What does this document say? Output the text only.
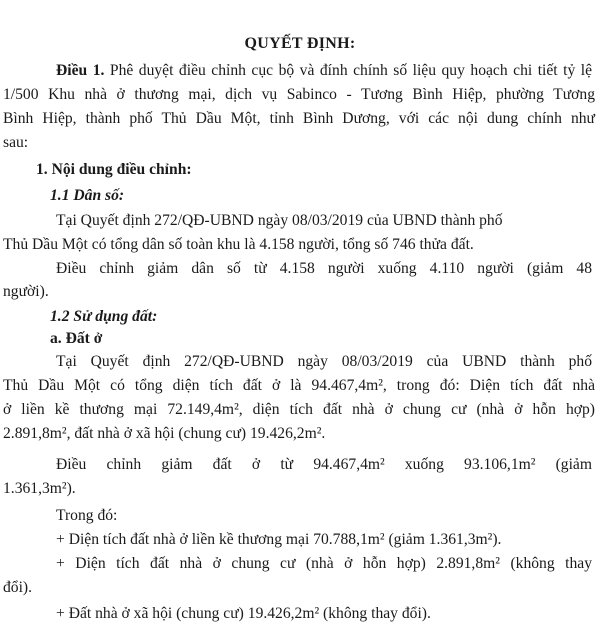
QUYẾT ĐỊNH:
Điều 1. Phê duyệt điều chỉnh cục bộ và đính chính số liệu quy hoạch chi tiết tỷ lệ
1/500 Khu nhà ở thương mại, dịch vụ Sabinco - Tương Bình Hiệp, phường Tương
Bình Hiệp, thành phố Thủ Dầu Một, tỉnh Bình Dương, với các nội dung chính như
sau:
1. Nội dung điều chỉnh:
1.1 Dân số:
Tại Quyết định 272/QĐ-UBND ngày 08/03/2019 của UBND thành phố
Thủ Dầu Một có tổng dân số toàn khu là 4.158 người, tổng số 746 thửa đất.
Điều chỉnh giảm dân số từ 4.158 người xuống 4.110 người (giảm 48
người).
1.2 Sử dụng đất:
a. Đất ở
Tại Quyết định 272/QĐ-UBND ngày 08/03/2019 của UBND thành phố
Thủ Dầu Một có tổng diện tích đất ở là 94.467,4m², trong đó: Diện tích đất nhà
ở liền kề thương mại 72.149,4m², diện tích đất nhà ở chung cư (nhà ở hỗn hợp)
2.891,8m², đất nhà ở xã hội (chung cư) 19.426,2m².
Điều chỉnh giảm đất ở từ 94.467,4m² xuống 93.106,1m² (giảm
1.361,3m²).
Trong đó:
+ Diện tích đất nhà ở liền kề thương mại 70.788,1m² (giảm 1.361,3m²).
+ Diện tích đất nhà ở chung cư (nhà ở hỗn hợp) 2.891,8m² (không thay
đổi).
+ Đất nhà ở xã hội (chung cư) 19.426,2m² (không thay đổi).
